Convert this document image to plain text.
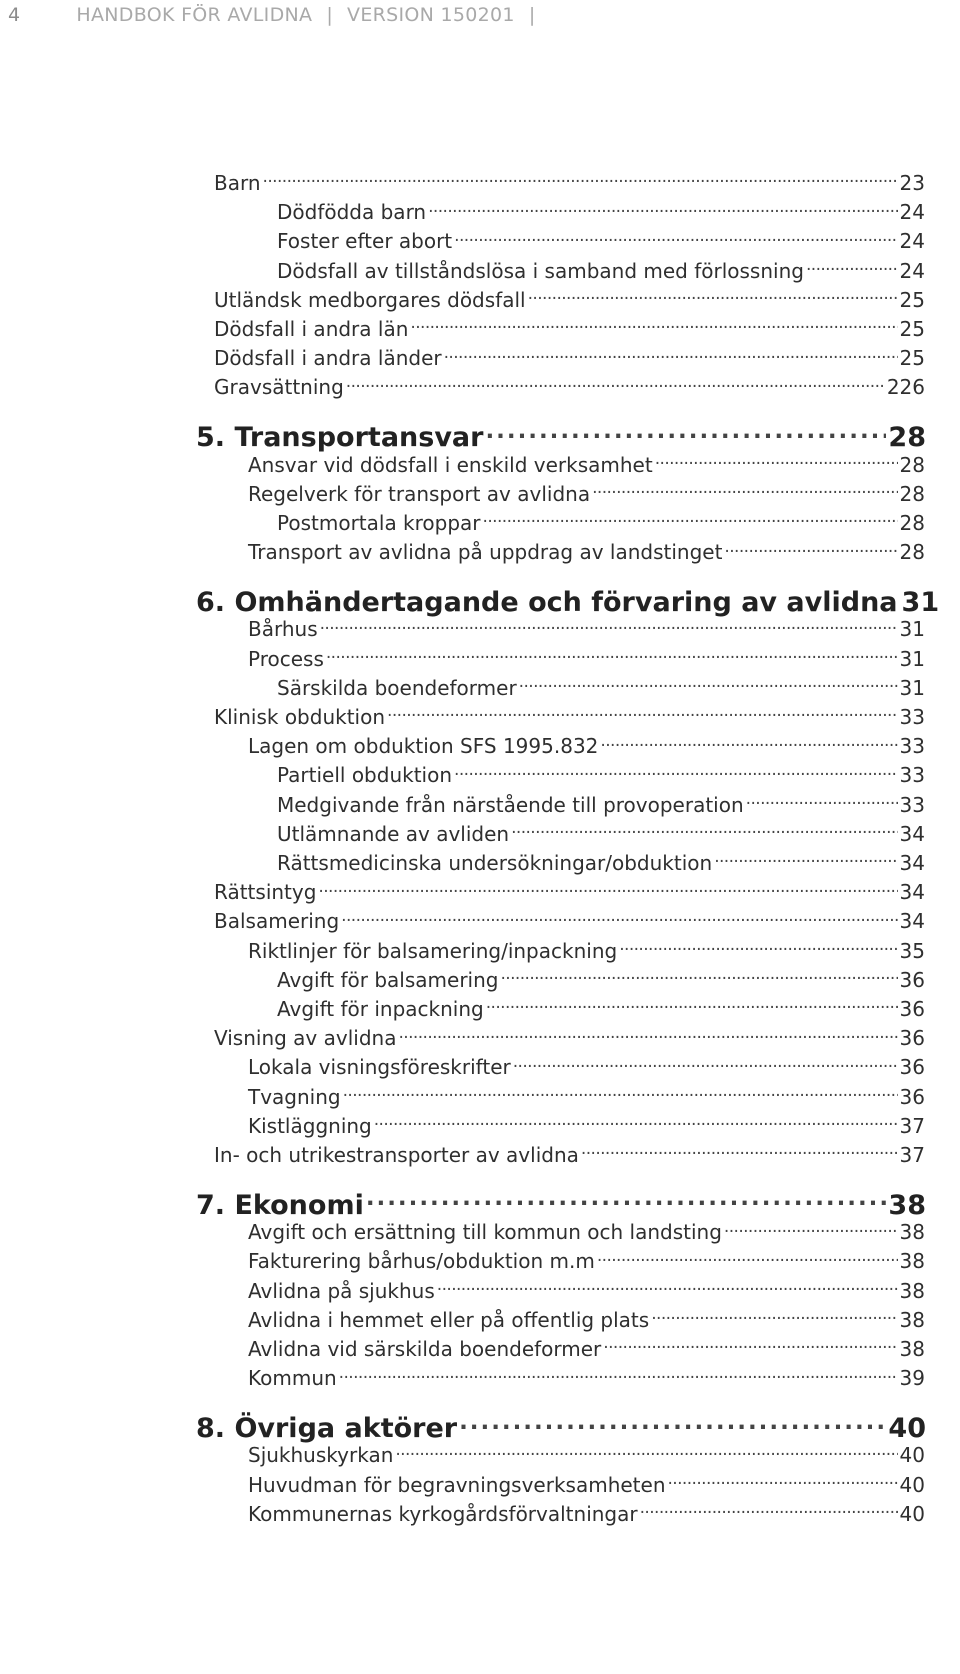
4	HANDBOK FÖR AVLIDNA | VERSION 150201 |
Barn . . .	23
Dödfödda barn . . .	24
Foster efter abort . . .	24
Dödsfall av tillståndslösa i samband med förlossning . . .	24
Utländsk medborgares dödsfall . . .	25
Dödsfall i andra län . . .	25
Dödsfall i andra länder . . .	25
Gravsättning . . .	226
5. Transportansvar . . .	28
Ansvar vid dödsfall i enskild verksamhet . . .	28
Regelverk för transport av avlidna . . .	28
Postmortala kroppar . . .	28
Transport av avlidna på uppdrag av landstinget . . .	28
6. Omhändertagande och förvaring av avlidna 31
Bårhus . . .	31
Process . . .	31
Särskilda boendeformer . . .	31
Klinisk obduktion . . .	33
Lagen om obduktion SFS 1995.832 . . .	33
Partiell obduktion . . .	33
Medgivande från närstående till provoperation . . .	33
Utlämnande av avliden . . .	34
Rättsmedicinska undersökningar/obduktion . . .	34
Rättsintyg . . .	34
Balsamering . . .	34
Riktlinjer för balsamering/inpackning . . .	35
Avgift för balsamering . . .	36
Avgift för inpackning . . .	36
Visning av avlidna . . .	36
Lokala visningsföreskrifter . . .	36
Tvagning . . .	36
Kistläggning . . .	37
In- och utrikestransporter av avlidna . . .	37
7. Ekonomi . . .	38
Avgift och ersättning till kommun och landsting . . .	38
Fakturering bårhus/obduktion m.m . . .	38
Avlidna på sjukhus . . .	38
Avlidna i hemmet eller på offentlig plats . . .	38
Avlidna vid särskilda boendeformer . . .	38
Kommun . . .	39
8. Övriga aktörer . . .	40
Sjukhuskyrkan . . .	40
Huvudman för begravningsverksamheten . . .	40
Kommunernas kyrkogårdsförvaltningar . . .	40
